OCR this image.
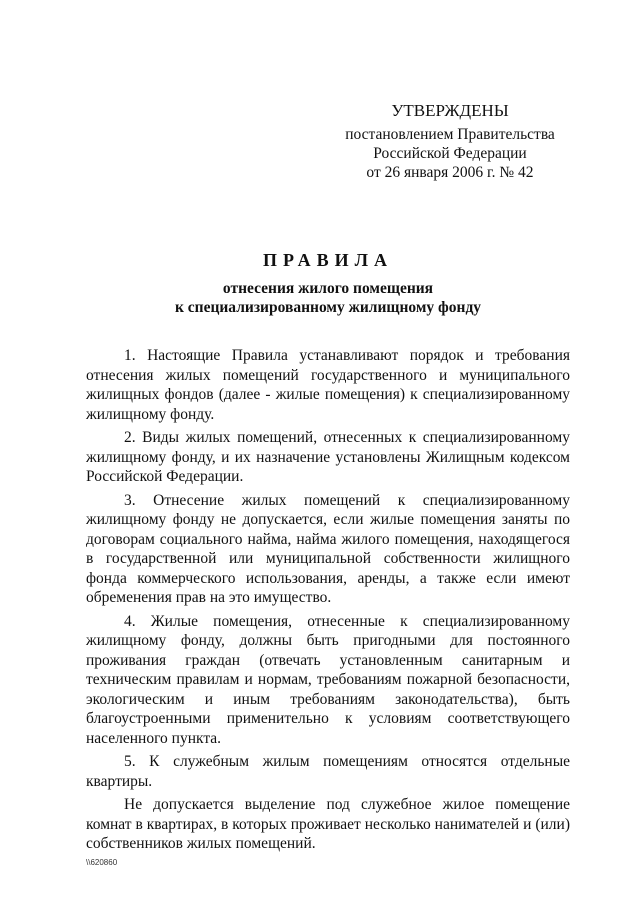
УТВЕРЖДЕНЫ
постановлением Правительства
Российской Федерации
от 26 января 2006 г. № 42
ПРАВИЛА
отнесения жилого помещения
к специализированному жилищному фонду

1. Настоящие Правила устанавливают порядок и требования отнесения жилых помещений государственного и муниципального жилищных фондов (далее - жилые помещения) к специализированному жилищному фонду.

2. Виды жилых помещений, отнесенных к специализированному жилищному фонду, и их назначение установлены Жилищным кодексом Российской Федерации.

3. Отнесение жилых помещений к специализированному жилищному фонду не допускается, если жилые помещения заняты по договорам социального найма, найма жилого помещения, находящегося в государственной или муниципальной собственности жилищного фонда коммерческого использования, аренды, а также если имеют обременения прав на это имущество.

4. Жилые помещения, отнесенные к специализированному жилищному фонду, должны быть пригодными для постоянного проживания граждан (отвечать установленным санитарным и техническим правилам и нормам, требованиям пожарной безопасности, экологическим и иным требованиям законодательства), быть благоустроенными применительно к условиям соответствующего населенного пункта.

5. К служебным жилым помещениям относятся отдельные квартиры.

Не допускается выделение под служебное жилое помещение комнат в квартирах, в которых проживает несколько нанимателей и (или) собственников жилых помещений.

\\620860
